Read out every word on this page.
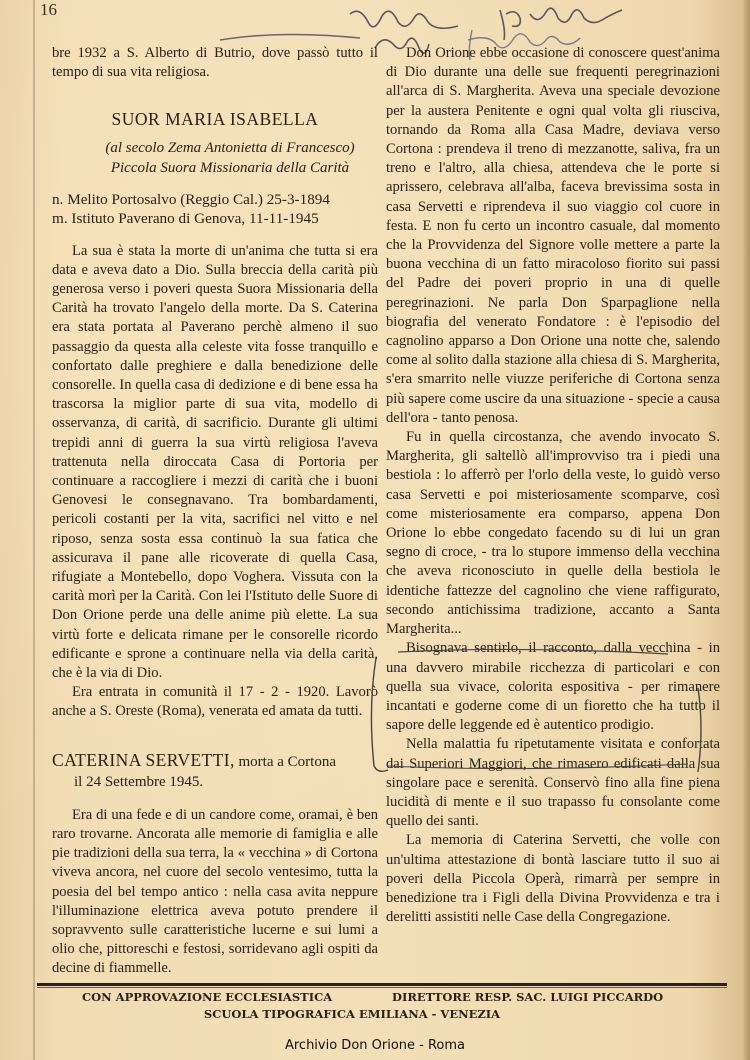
16

bre 1932 a S. Alberto di Butrio, dove passò tutto il tempo di sua vita religiosa.

SUOR MARIA ISABELLA
(al secolo Zema Antonietta di Francesco)
Piccola Suora Missionaria della Carità
n. Melito Portosalvo (Reggio Cal.) 25-3-1894
m. Istituto Paverano di Genova, 11-11-1945

La sua è stata la morte di un'anima che tutta si era data e aveva dato a Dio. Sulla breccia della carità più generosa verso i poveri questa Suora Missionaria della Carità ha trovato l'angelo della morte. Da S. Caterina era stata portata al Paverano perchè almeno il suo passaggio da questa alla celeste vita fosse tranquillo e confortato dalle preghiere e dalla benedizione delle consorelle. In quella casa di dedizione e di bene essa ha trascorsa la miglior parte di sua vita, modello di osservanza, di carità, di sacrificio. Durante gli ultimi trepidi anni di guerra la sua virtù religiosa l'aveva trattenuta nella diroccata Casa di Portoria per continuare a raccogliere i mezzi di carità che i buoni Genovesi le consegnavano. Tra bombardamenti, pericoli costanti per la vita, sacrifici nel vitto e nel riposo, senza sosta essa continuò la sua fatica che assicurava il pane alle ricoverate di quella Casa, rifugiate a Montebello, dopo Voghera. Vissuta con la carità morì per la Carità. Con lei l'Istituto delle Suore di Don Orione perde una delle anime più elette. La sua virtù forte e delicata rimane per le consorelle ricordo edificante e sprone a continuare nella via della carità, che è la via di Dio.

Era entrata in comunità il 17 - 2 - 1920. Lavorò anche a S. Oreste (Roma), venerata ed amata da tutti.

CATERINA SERVETTI, morta a Cortona
il 24 Settembre 1945.

Era di una fede e di un candore come, oramai, è ben raro trovarne. Ancorata alle memorie di famiglia e alle pie tradizioni della sua terra, la « vecchina » di Cortona viveva ancora, nel cuore del secolo ventesimo, tutta la poesia del bel tempo antico : nella casa avita neppure l'illuminazione elettrica aveva potuto prendere il sopravvento sulle caratteristiche lucerne e sui lumi a olio che, pittoreschi e festosi, sorridevano agli ospiti da decine di fiammelle.

Don Orione ebbe occasione di conoscere quest'anima di Dio durante una delle sue frequenti peregrinazioni all'arca di S. Margherita. Aveva una speciale devozione per la austera Penitente e ogni qual volta gli riusciva, tornando da Roma alla Casa Madre, deviava verso Cortona : prendeva il treno di mezzanotte, saliva, fra un treno e l'altro, alla chiesa, attendeva che le porte si aprissero, celebrava all'alba, faceva brevissima sosta in casa Servetti e riprendeva il suo viaggio col cuore in festa. E non fu certo un incontro casuale, dal momento che la Provvidenza del Signore volle mettere a parte la buona vecchina di un fatto miracoloso fiorito sui passi del Padre dei poveri proprio in una di quelle peregrinazioni. Ne parla Don Sparpaglione nella biografia del venerato Fondatore : è l'episodio del cagnolino apparso a Don Orione una notte che, salendo come al solito dalla stazione alla chiesa di S. Margherita, s'era smarrito nelle viuzze periferiche di Cortona senza più sapere come uscire da una situazione - specie a causa dell'ora - tanto penosa.

Fu in quella circostanza, che avendo invocato S. Margherita, gli saltellò all'improvviso tra i piedi una bestiola : lo afferrò per l'orlo della veste, lo guidò verso casa Servetti e poi misteriosamente scomparve, così come misteriosamente era comparso, appena Don Orione lo ebbe congedato facendo su di lui un gran segno di croce, - tra lo stupore immenso della vecchina che aveva riconosciuto in quelle della bestiola le identiche fattezze del cagnolino che viene raffigurato, secondo antichissima tradizione, accanto a Santa Margherita...

Bisognava sentirlo, il racconto, dalla vecchina - in una davvero mirabile ricchezza di particolari e con quella sua vivace, colorita espositiva - per rimanere incantati e goderne come di un fioretto che ha tutto il sapore delle leggende ed è autentico prodigio.

Nella malattia fu ripetutamente visitata e confortata dai Superiori Maggiori, che rimasero edificati dalla sua singolare pace e serenità. Conservò fino alla fine piena lucidità di mente e il suo trapasso fu consolante come quello dei santi.

La memoria di Caterina Servetti, che volle con un'ultima attestazione di bontà lasciare tutto il suo ai poveri della Piccola Operà, rimarrà per sempre in benedizione tra i Figli della Divina Provvidenza e tra i derelitti assistiti nelle Case della Congregazione.

CON APPROVAZIONE ECCLESIASTICA	DIRETTORE RESP. SAC. LUIGI PICCARDO
SCUOLA TIPOGRAFICA EMILIANA - VENEZIA
Archivio Don Orione - Roma
